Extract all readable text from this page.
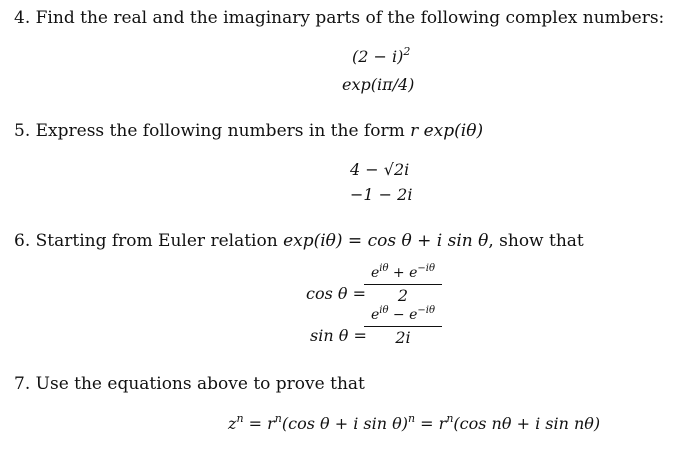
4. Find the real and the imaginary parts of the following complex numbers:
$(2 - i)^2$
exp(iπ/4)
5. Express the following numbers in the form r exp(iθ)
4 − √2i
−1 − 2i
6. Starting from Euler relation exp(iθ) = cos θ + i sin θ, show that
cos θ =
$e^{i\theta} + e^{-i\theta}$
2
sin θ =
$e^{i\theta} - e^{-i\theta}$
2i
7. Use the equations above to prove that
$z^n = r^n(\cos$ θ + i $\sin \theta)^n = r^n(\cos$ nθ + i sin nθ)
